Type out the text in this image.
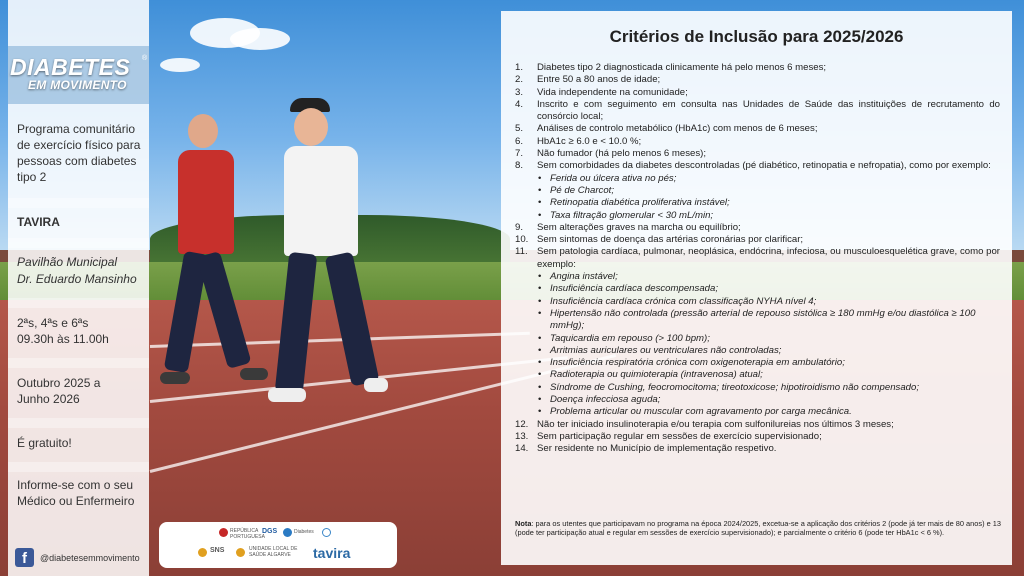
DIABETES ®
EM MOVIMENTO
Programa comunitário de exercício físico para pessoas com diabetes tipo 2
TAVIRA
Pavilhão Municipal
Dr. Eduardo Mansinho
2ªs, 4ªs e 6ªs
09.30h às 11.00h
Outubro 2025 a
Junho 2026
É gratuito!
Informe-se com o seu Médico ou Enfermeiro
f	@diabetesemmovimento
REPÚBLICA PORTUGUESA
DGS	Diabetes
SNS	UNIDADE LOCAL DE SAÚDE ALGARVE	tavira
Critérios de Inclusão para 2025/2026
1.	Diabetes tipo 2 diagnosticada clinicamente há pelo menos 6 meses;
2.	Entre 50 a 80 anos de idade;
3.	Vida independente na comunidade;
4.	Inscrito e com seguimento em consulta nas Unidades de Saúde das instituições de recrutamento do consórcio local;
5.	Análises de controlo metabólico (HbA1c) com menos de 6 meses;
6.	HbA1c ≥ 6.0 e < 10.0 %;
7.	Não fumador (há pelo menos 6 meses);
8.	Sem comorbidades da diabetes descontroladas (pé diabético, retinopatia e nefropatia), como por exemplo:
• Ferida ou úlcera ativa no pés;
• Pé de Charcot;
• Retinopatia diabética proliferativa instável;
• Taxa filtração glomerular < 30 mL/min;
9.	Sem alterações graves na marcha ou equilíbrio;
10. Sem sintomas de doença das artérias coronárias por clarificar;
11. Sem patologia cardíaca, pulmonar, neoplásica, endócrina, infeciosa, ou musculoesquelética grave, como por exemplo:
• Angina instável;
• Insuficiência cardíaca descompensada;
• Insuficiência cardíaca crónica com classificação NYHA nível 4;
• Hipertensão não controlada (pressão arterial de repouso sistólica ≥ 180 mmHg e/ou diastólica ≥ 100 mmHg);
• Taquicardia em repouso (> 100 bpm);
• Arritmias auriculares ou ventriculares não controladas;
• Insuficiência respiratória crónica com oxigenoterapia em ambulatório;
• Radioterapia ou quimioterapia (intravenosa) atual;
• Síndrome de Cushing, feocromocitoma; tireotoxicose; hipotiroidismo não compensado;
• Doença infecciosa aguda;
• Problema articular ou muscular com agravamento por carga mecânica.
12. Não ter iniciado insulinoterapia e/ou terapia com sulfonilureias nos últimos 3 meses;
13. Sem participação regular em sessões de exercício supervisionado;
14. Ser residente no Município de implementação respetivo.
Nota: para os utentes que participavam no programa na época 2024/2025, excetua-se a aplicação dos critérios 2 (pode já ter mais de 80 anos) e 13 (pode ter participação atual e regular em sessões de exercício supervisionado); e parcialmente o critério 6 (pode ter HbA1c < 6 %).
